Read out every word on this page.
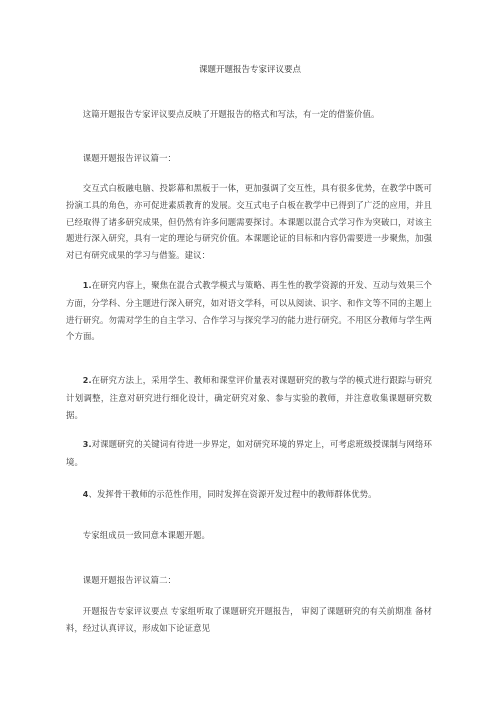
课题开题报告专家评议要点
这篇开题报告专家评议要点反映了开题报告的格式和写法，有一定的借鉴价值。
课题开题报告评议篇一：
交互式白板融电脑、投影幕和黑板于一体，更加强调了交互性，具有很多优势，在教学中既可扮演工具的角色，亦可促进素质教育的发展。交互式电子白板在教学中已得到了广泛的应用，并且已经取得了诸多研究成果，但仍然有许多问题需要探讨。本课题以混合式学习作为突破口，对该主题进行深入研究，具有一定的理论与研究价值。本课题论证的目标和内容仍需要进一步聚焦，加强对已有研究成果的学习与借鉴。建议：
1.在研究内容上，聚焦在混合式教学模式与策略、再生性的教学资源的开发、互动与效果三个方面，分学科、分主题进行深入研究，如对语文学科，可以从阅读、识字、和作文等不同的主题上进行研究。勿需对学生的自主学习、合作学习与探究学习的能力进行研究。不用区分教师与学生两个方面。
2.在研究方法上，采用学生、教师和课堂评价量表对课题研究的教与学的模式进行跟踪与研究计划调整，注意对研究进行细化设计，确定研究对象、参与实验的教师，并注意收集课题研究数据。
3.对课题研究的关键词有待进一步界定，如对研究环境的界定上，可考虑班级授课制与网络环境。
4、发挥骨干教师的示范性作用，同时发挥在资源开发过程中的教师群体优势。
专家组成员一致同意本课题开题。
课题开题报告评议篇二：
开题报告专家评议要点 专家组听取了课题研究开题报告， 审阅了课题研究的有关前期准 备材料，经过认真评议，形成如下论证意见
